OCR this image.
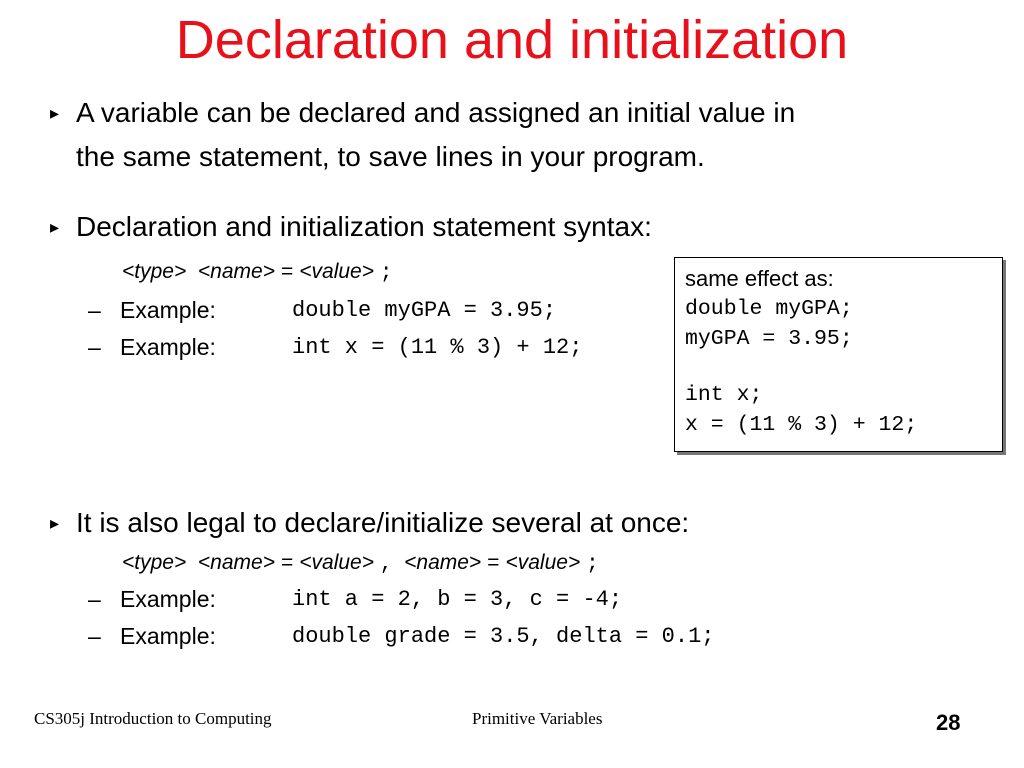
Declaration and initialization
▸ A variable can be declared and assigned an initial value in
the same statement, to save lines in your program.
▸ Declaration and initialization statement syntax:
<type> <name> = <value> ;
– Example:	double myGPA = 3.95;
– Example:	int x = (11 % 3) + 12;
same effect as:
double myGPA;
myGPA = 3.95;
int x;
x = (11 % 3) + 12;
▸ It is also legal to declare/initialize several at once:
<type> <name> = <value> , <name> = <value> ;
– Example:	int a = 2, b = 3, c = -4;
– Example:	double grade = 3.5, delta = 0.1;
CS305j Introduction to Computing	Primitive Variables	28
